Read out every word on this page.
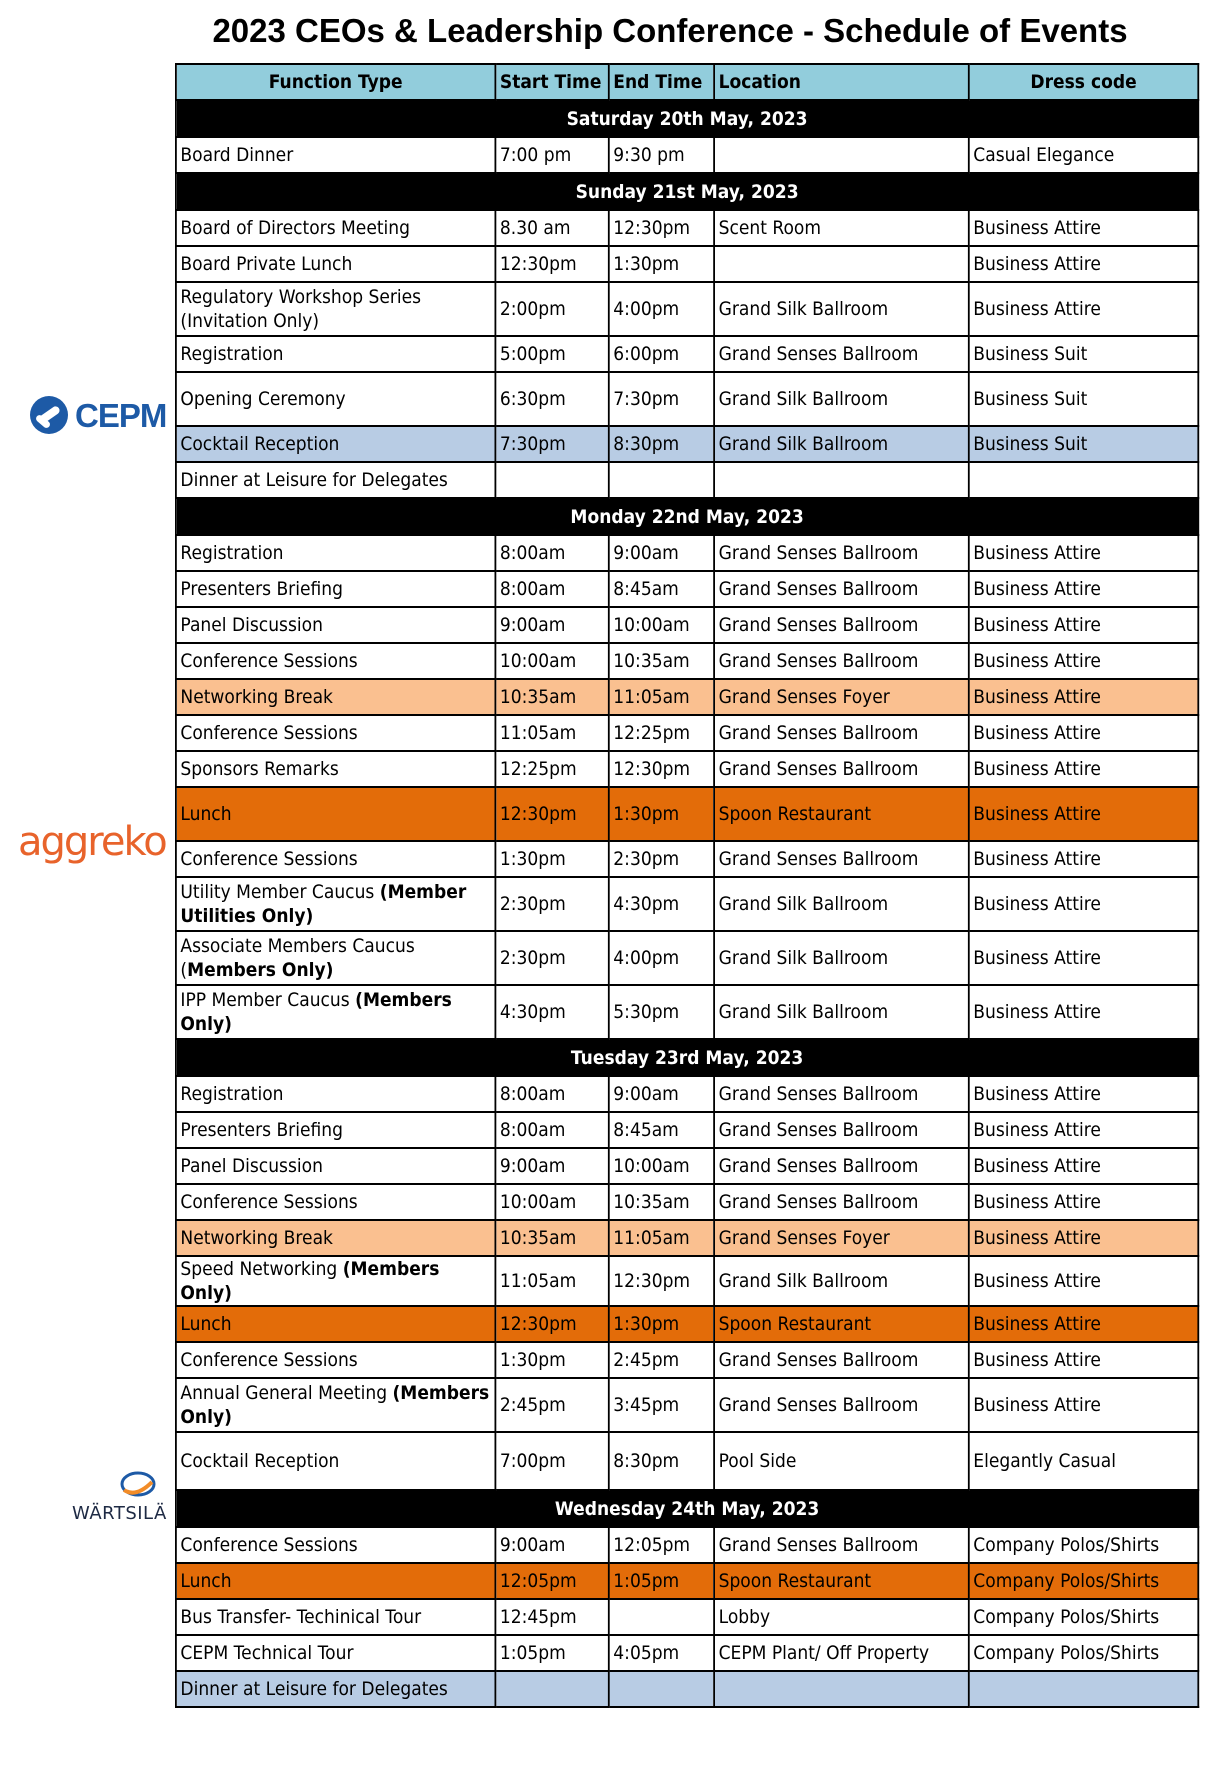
2023 CEOs & Leadership Conference - Schedule of Events
CEPM
aggreko
WÄRTSILÄ
Function Type	Start Time	End Time	Location	Dress code
Saturday 20th May, 2023				
Board Dinner	7:00 pm	9:30 pm		Casual Elegance
Sunday 21st May, 2023				
Board of Directors Meeting	8.30 am	12:30pm	Scent Room	Business Attire
Board Private Lunch	12:30pm	1:30pm		Business Attire
Regulatory Workshop Series (Invitation Only)	2:00pm	4:00pm	Grand Silk Ballroom	Business Attire
Registration	5:00pm	6:00pm	Grand Senses Ballroom	Business Suit
Opening Ceremony	6:30pm	7:30pm	Grand Silk Ballroom	Business Suit
Cocktail Reception	7:30pm	8:30pm	Grand Silk Ballroom	Business Suit
Dinner at Leisure for Delegates				
Monday 22nd May, 2023				
Registration	8:00am	9:00am	Grand Senses Ballroom	Business Attire
Presenters Briefing	8:00am	8:45am	Grand Senses Ballroom	Business Attire
Panel Discussion	9:00am	10:00am	Grand Senses Ballroom	Business Attire
Conference Sessions	10:00am	10:35am	Grand Senses Ballroom	Business Attire
Networking Break	10:35am	11:05am	Grand Senses Foyer	Business Attire
Conference Sessions	11:05am	12:25pm	Grand Senses Ballroom	Business Attire
Sponsors Remarks	12:25pm	12:30pm	Grand Senses Ballroom	Business Attire
Lunch	12:30pm	1:30pm	Spoon Restaurant	Business Attire
Conference Sessions	1:30pm	2:30pm	Grand Senses Ballroom	Business Attire
Utility Member Caucus (Member Utilities Only)	2:30pm	4:30pm	Grand Silk Ballroom	Business Attire
Associate Members Caucus (Members Only)	2:30pm	4:00pm	Grand Silk Ballroom	Business Attire
IPP Member Caucus (Members Only)	4:30pm	5:30pm	Grand Silk Ballroom	Business Attire
Tuesday 23rd May, 2023				
Registration	8:00am	9:00am	Grand Senses Ballroom	Business Attire
Presenters Briefing	8:00am	8:45am	Grand Senses Ballroom	Business Attire
Panel Discussion	9:00am	10:00am	Grand Senses Ballroom	Business Attire
Conference Sessions	10:00am	10:35am	Grand Senses Ballroom	Business Attire
Networking Break	10:35am	11:05am	Grand Senses Foyer	Business Attire
Speed Networking (Members Only)	11:05am	12:30pm	Grand Silk Ballroom	Business Attire
Lunch	12:30pm	1:30pm	Spoon Restaurant	Business Attire
Conference Sessions	1:30pm	2:45pm	Grand Senses Ballroom	Business Attire
Annual General Meeting (Members Only)	2:45pm	3:45pm	Grand Senses Ballroom	Business Attire
Cocktail Reception	7:00pm	8:30pm	Pool Side	Elegantly Casual
Wednesday 24th May, 2023				
Conference Sessions	9:00am	12:05pm	Grand Senses Ballroom	Company Polos/Shirts
Lunch	12:05pm	1:05pm	Spoon Restaurant	Company Polos/Shirts
Bus Transfer- Techinical Tour	12:45pm		Lobby	Company Polos/Shirts
CEPM Technical Tour	1:05pm	4:05pm	CEPM Plant/ Off Property	Company Polos/Shirts
Dinner at Leisure for Delegates				
